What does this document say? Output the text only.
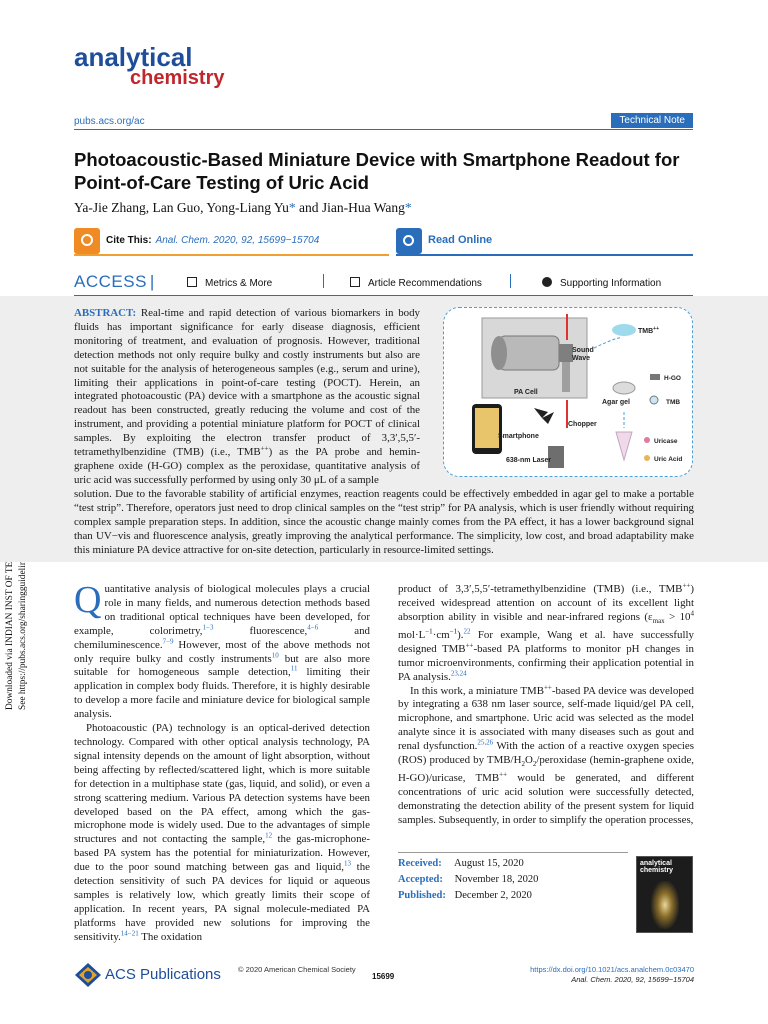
analytical
chemistry
pubs.acs.org/ac	Technical Note
Photoacoustic-Based Miniature Device with Smartphone Readout for Point-of-Care Testing of Uric Acid
Ya-Jie Zhang, Lan Guo, Yong-Liang Yu* and Jian-Hua Wang*
Cite This: Anal. Chem. 2020, 92, 15699−15704	Read Online
ACCESS |	Metrics & More	Article Recommendations	Supporting Information
ABSTRACT: Real-time and rapid detection of various biomarkers in body fluids has important significance for early disease diagnosis, efficient monitoring of treatment, and evaluation of prognosis. However, traditional detection methods not only require bulky and costly instruments but also are not suitable for the analysis of heterogeneous samples (e.g., serum and urine), limiting their applications in point-of-care testing (POCT). Herein, an integrated photoacoustic (PA) device with a smartphone as the acoustic signal readout has been constructed, greatly reducing the volume and cost of the instrument, and providing a potential miniature platform for POCT of clinical samples. By exploiting the electron transfer product of 3,3′,5,5′-tetramethylbenzidine (TMB) (i.e., TMB++) as the PA probe and hemin-graphene oxide (H-GO) complex as the peroxidase, quantitative analysis of uric acid was successfully performed by using only 30 μL of a sample
Sound
Wave
PA Cell
Smartphone
Chopper
638-nm Laser
TMB++
Agar gel
H-GO
TMB
Uricase
Uric Acid
solution. Due to the favorable stability of artificial enzymes, reaction reagents could be effectively embedded in agar gel to make a portable “test strip”. Therefore, operators just need to drop clinical samples on the “test strip” for PA analysis, which is user friendly without requiring complex sample preparation steps. In addition, since the acoustic change mainly comes from the PA effect, it has a lower background signal than UV−vis and fluorescence analysis, greatly improving the analytical performance. The simplicity, low cost, and broad adaptability make this miniature PA device attractive for on-site detection, particularly in resource-limited settings.

Quantitative analysis of biological molecules plays a crucial role in many fields, and numerous detection methods based on traditional optical techniques have been developed, for example, colorimetry,$^{1-3}$ fluorescence,$^{4-6}$ and chemiluminescence.$^{7-9}$ However, most of the above methods not only require bulky and costly instruments$^{10}$ but are also more suitable for homogeneous sample detection,$^{11}$ limiting their application in complex body fluids. Therefore, it is highly desirable to develop a more facile and miniature device for biological sample analysis.

Photoacoustic (PA) technology is an optical-derived detection technology. Compared with other optical analysis technology, PA signal intensity depends on the amount of light absorption, without being affecting by reflected/scattered light, which is more suitable for detection in a multiphase state (gas, liquid, and solid), or even a strong scattering medium. Various PA detection systems have been developed based on the PA effect, among which the gas-microphone mode is widely used. Due to the advantages of simple structures and not contacting the sample,$^{12}$ the gas-microphone-based PA system has the potential for miniaturization. However, due to the poor sound matching between gas and liquid,$^{13}$ the detection sensitivity of such PA devices for liquid or aqueous samples is relatively low, which greatly limits their scope of application. In recent years, PA signal molecule-mediated PA platforms have provided new solutions for improving the sensitivity.$^{14-21}$ The oxidation

product of 3,3′,5,5′-tetramethylbenzidine (TMB) (i.e., TMB++) received widespread attention on account of its excellent light absorption ability in visible and near-infrared regions ($\varepsilon_{max} > 10^4$ $mol\cdot L^{-1}\cdot cm^{-1}).^{22}$ For example, Wang et al. have successfully designed TMB++-based PA platforms to monitor pH changes in tumor microenvironments, confirming their application potential in PA analysis.$^{23,24}$

In this work, a miniature TMB++-based PA device was developed by integrating a 638 nm laser source, self-made liquid/gel PA cell, microphone, and smartphone. Uric acid was selected as the model analyte since it is associated with many diseases such as gout and renal dysfunction.$^{25,26}$ With the action of a reactive oxygen species (ROS) produced by TMB/$H_2O_2$/peroxidase (hemin-graphene oxide, H-GO)/uricase, TMB++ would be generated, and different concentrations of uric acid solution were successfully detected, demonstrating the detection ability of the present system for liquid samples. Subsequently, in order to simplify the operation processes,

Received: August 15, 2020
Accepted: November 18, 2020
Published: December 2, 2020
analytical
chemistry
ACS Publications © 2020 American Chemical Society
15699
https://dx.doi.org/10.1021/acs.analchem.0c03470
Anal. Chem. 2020, 92, 15699−15704
